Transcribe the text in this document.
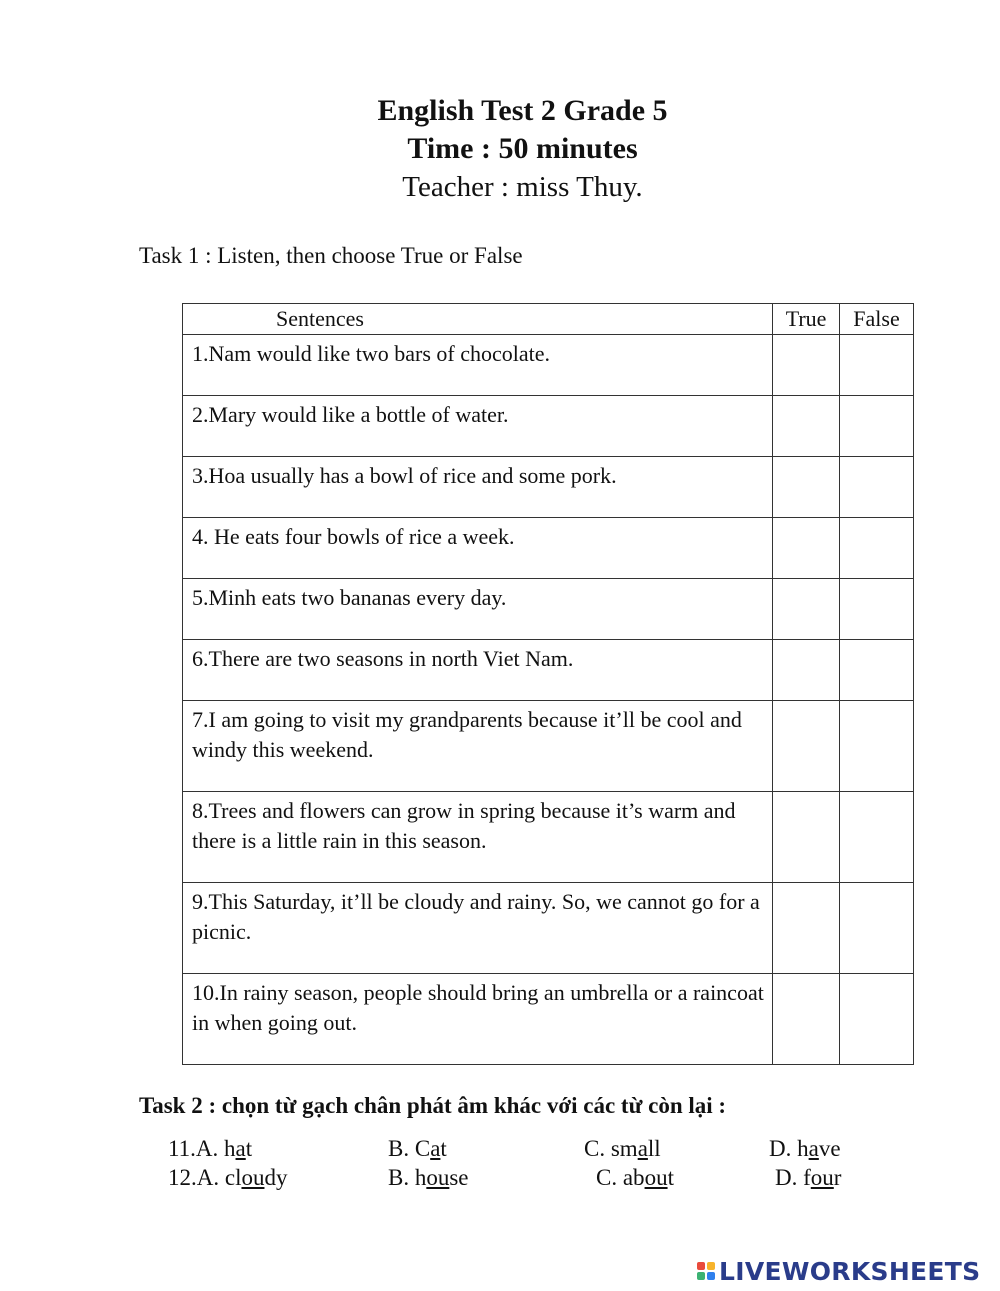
English Test 2 Grade 5
Time : 50 minutes
Teacher : miss Thuy.
Task 1 : Listen, then choose True or False
Sentences	True	False
1.Nam would like two bars of chocolate.		
2.Mary would like a bottle of water.		
3.Hoa usually has a bowl of rice and some pork.		
4. He eats four bowls of rice a week.		
5.Minh eats two bananas every day.		
6.There are two seasons in north Viet Nam.		
7.I am going to visit my grandparents because it’ll be cool and windy this weekend.		
8.Trees and flowers can grow in spring because it’s warm and there is a little rain in this season.		
9.This Saturday, it’ll be cloudy and rainy. So, we cannot go for a picnic.		
10.In rainy season, people should bring an umbrella or a raincoat in when going out.		
Task 2 : chọn từ gạch chân phát âm khác với các từ còn lại :
11.A. hat	B. Cat	C. small	D. have
12.A. cloudy	B. house	C. about	D. four
LIVEWORKSHEETS
